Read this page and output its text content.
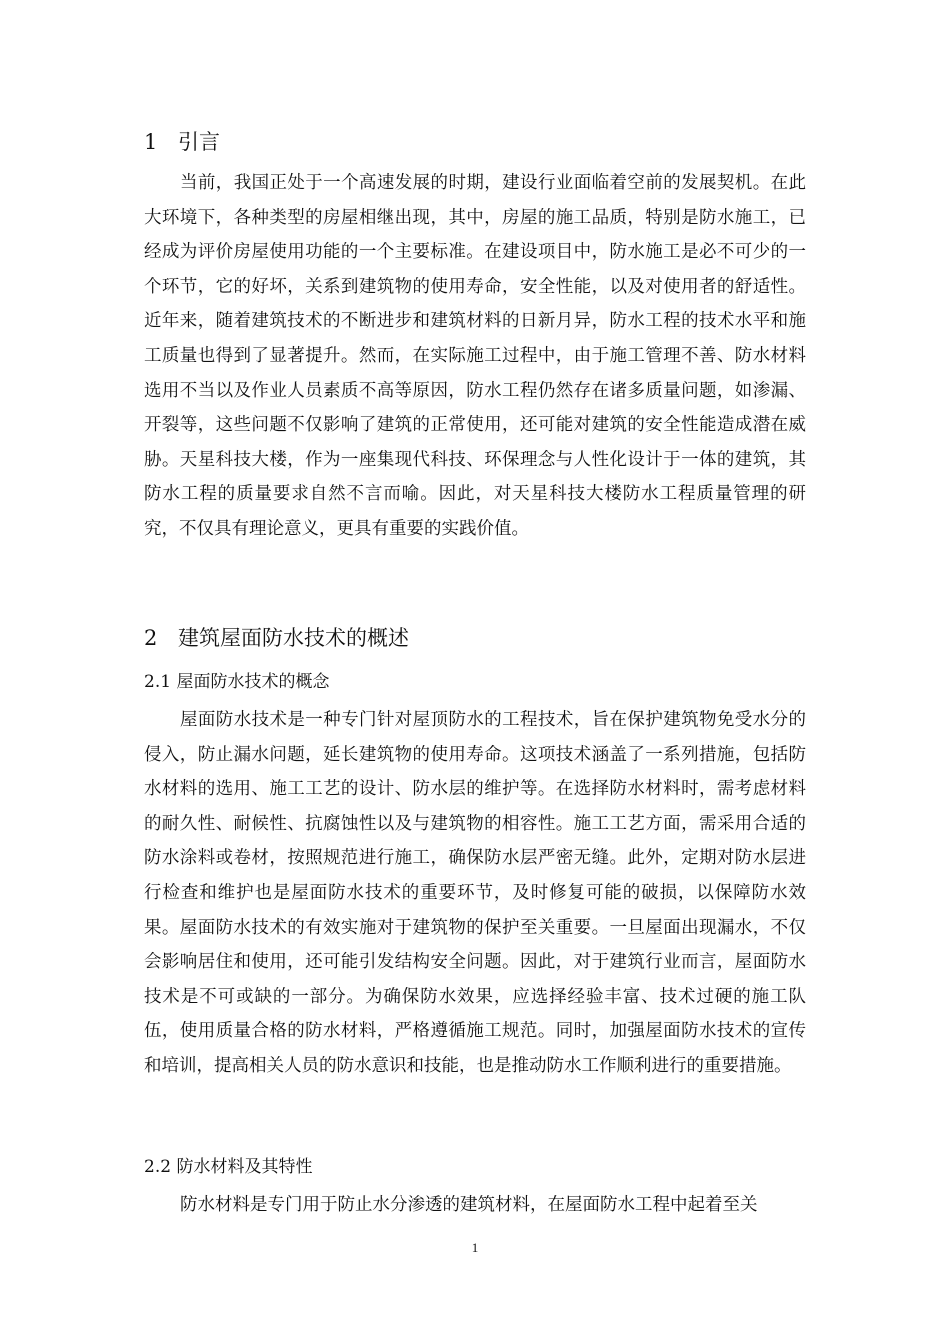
1 引言

当前，我国正处于一个高速发展的时期，建设行业面临着空前的发展契机。在此大环境下，各种类型的房屋相继出现，其中，房屋的施工品质，特别是防水施工，已经成为评价房屋使用功能的一个主要标准。在建设项目中，防水施工是必不可少的一个环节，它的好坏，关系到建筑物的使用寿命，安全性能，以及对使用者的舒适性。近年来，随着建筑技术的不断进步和建筑材料的日新月异，防水工程的技术水平和施工质量也得到了显著提升。然而，在实际施工过程中，由于施工管理不善、防水材料选用不当以及作业人员素质不高等原因，防水工程仍然存在诸多质量问题，如渗漏、开裂等，这些问题不仅影响了建筑的正常使用，还可能对建筑的安全性能造成潜在威胁。天星科技大楼，作为一座集现代科技、环保理念与人性化设计于一体的建筑，其防水工程的质量要求自然不言而喻。因此，对天星科技大楼防水工程质量管理的研究，不仅具有理论意义，更具有重要的实践价值。

2 建筑屋面防水技术的概述
2.1 屋面防水技术的概念

屋面防水技术是一种专门针对屋顶防水的工程技术，旨在保护建筑物免受水分的侵入，防止漏水问题，延长建筑物的使用寿命。这项技术涵盖了一系列措施，包括防水材料的选用、施工工艺的设计、防水层的维护等。在选择防水材料时，需考虑材料的耐久性、耐候性、抗腐蚀性以及与建筑物的相容性。施工工艺方面，需采用合适的防水涂料或卷材，按照规范进行施工，确保防水层严密无缝。此外，定期对防水层进行检查和维护也是屋面防水技术的重要环节，及时修复可能的破损，以保障防水效果。屋面防水技术的有效实施对于建筑物的保护至关重要。一旦屋面出现漏水，不仅会影响居住和使用，还可能引发结构安全问题。因此，对于建筑行业而言，屋面防水技术是不可或缺的一部分。为确保防水效果，应选择经验丰富、技术过硬的施工队伍，使用质量合格的防水材料，严格遵循施工规范。同时，加强屋面防水技术的宣传和培训，提高相关人员的防水意识和技能，也是推动防水工作顺利进行的重要措施。

2.2 防水材料及其特性

防水材料是专门用于防止水分渗透的建筑材料，在屋面防水工程中起着至关

1
